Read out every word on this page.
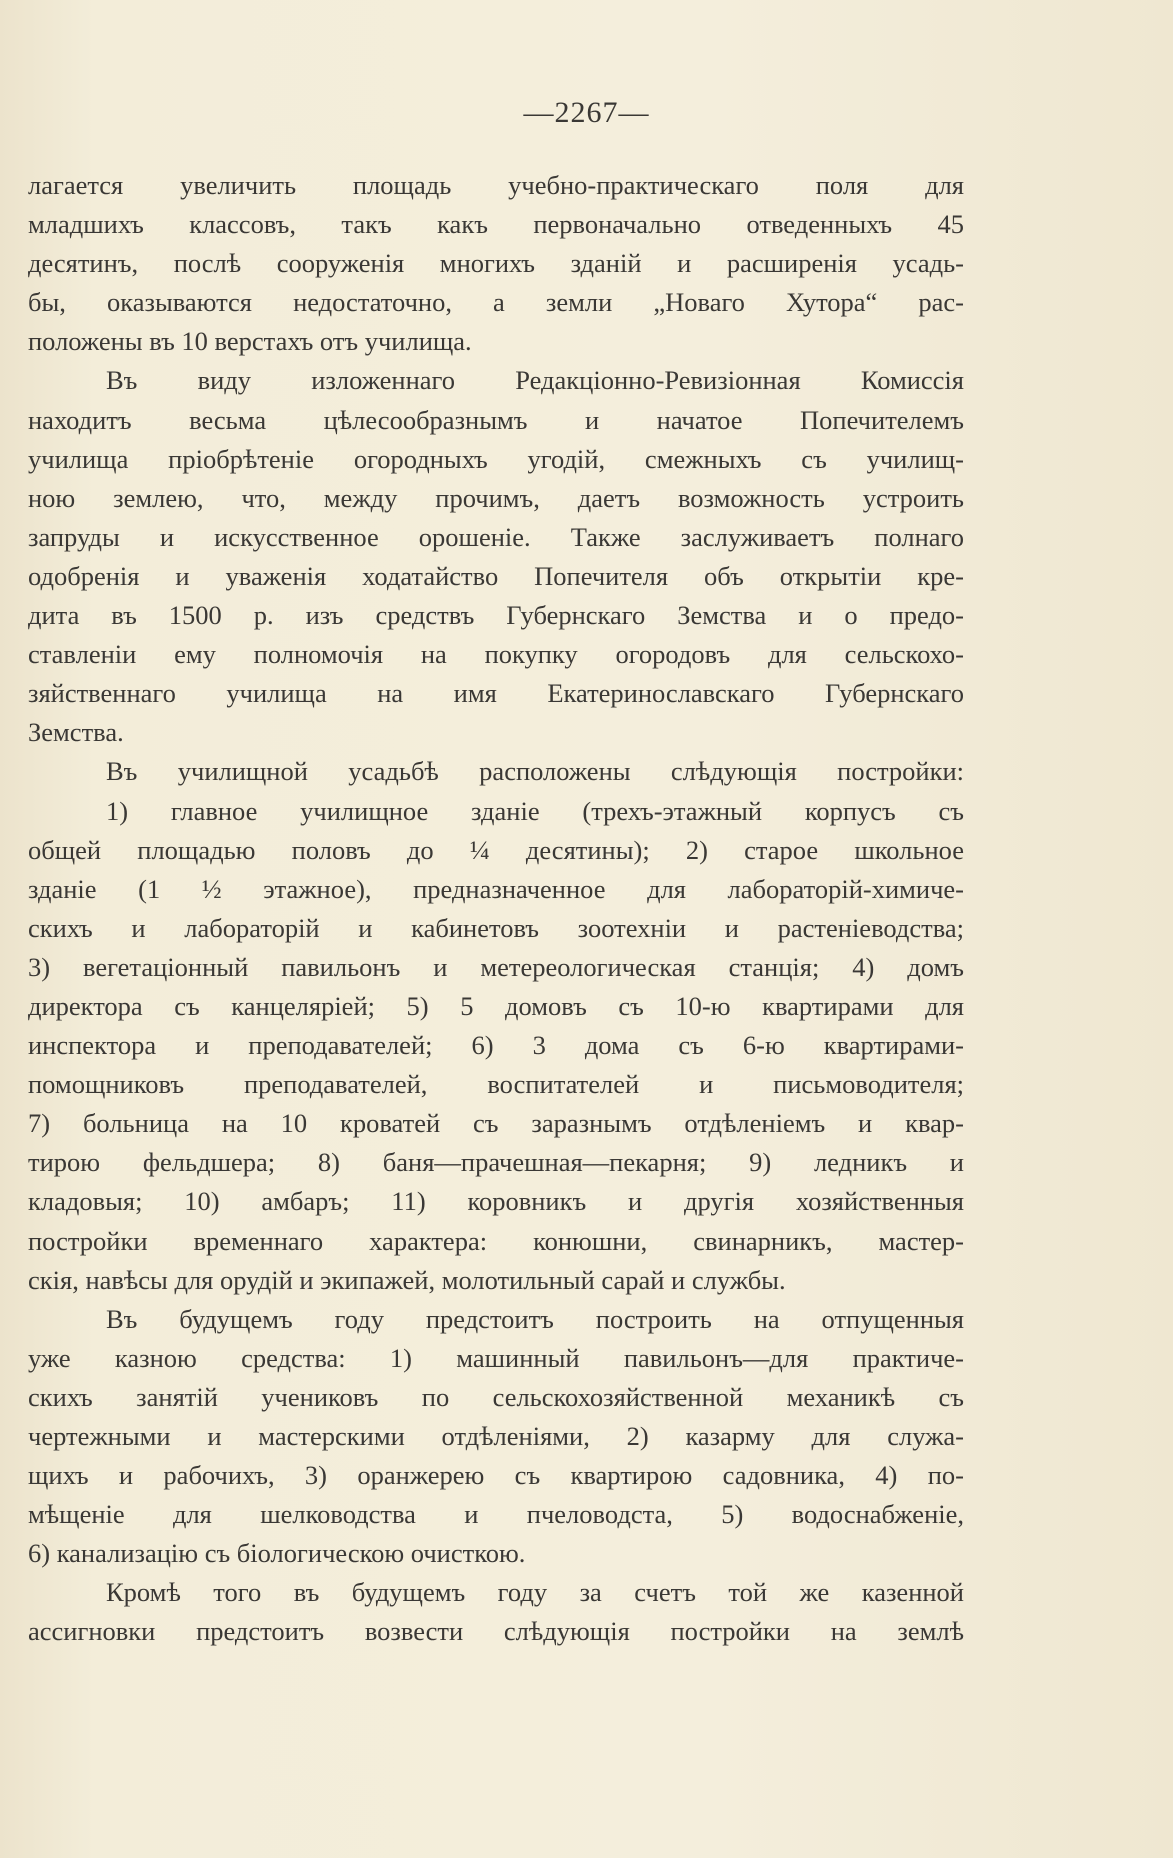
—2267—
лагается увеличить площадь учебно-практическаго поля для
младшихъ классовъ, такъ какъ первоначально отведенныхъ 45
десятинъ, послѣ сооруженія многихъ зданій и расширенія усадь-
бы, оказываются недостаточно, а земли „Новаго Хутора“ рас-
положены въ 10 верстахъ отъ училища.
Въ виду изложеннаго Редакціонно-Ревизіонная Комиссія
находитъ весьма цѣлесообразнымъ и начатое Попечителемъ
училища пріобрѣтеніе огородныхъ угодій, смежныхъ съ училищ-
ною землею, что, между прочимъ, даетъ возможность устроить
запруды и искусственное орошеніе. Также заслуживаетъ полнаго
одобренія и уваженія ходатайство Попечителя объ открытіи кре-
дита въ 1500 р. изъ средствъ Губернскаго Земства и о предо-
ставленіи ему полномочія на покупку огородовъ для сельскохо-
зяйственнаго училища на имя Екатеринославскаго Губернскаго
Земства.
Въ училищной усадьбѣ расположены слѣдующія постройки:
1) главное училищное зданіе (трехъ-этажный корпусъ съ
общей площадью половъ до ¼ десятины); 2) старое школьное
зданіе (1 ½ этажное), предназначенное для лабораторій-химиче-
скихъ и лабораторій и кабинетовъ зоотехніи и растеніеводства;
3) вегетаціонный павильонъ и метереологическая станція; 4) домъ
директора съ канцеляріей; 5) 5 домовъ съ 10-ю квартирами для
инспектора и преподавателей; 6) 3 дома съ 6-ю квартирами-
помощниковъ преподавателей, воспитателей и письмоводителя;
7) больница на 10 кроватей съ заразнымъ отдѣленіемъ и квар-
тирою фельдшера; 8) баня—прачешная—пекарня; 9) ледникъ и
кладовыя; 10) амбаръ; 11) коровникъ и другія хозяйственныя
постройки временнаго характера: конюшни, свинарникъ, мастер-
скія, навѣсы для орудій и экипажей, молотильный сарай и службы.
Въ будущемъ году предстоитъ построить на отпущенныя
уже казною средства: 1) машинный павильонъ—для практиче-
скихъ занятій учениковъ по сельскохозяйственной механикѣ съ
чертежными и мастерскими отдѣленіями, 2) казарму для служа-
щихъ и рабочихъ, 3) оранжерею съ квартирою садовника, 4) по-
мѣщеніе для шелководства и пчеловодста, 5) водоснабженіе,
6) канализацію съ біологическою очисткою.
Кромѣ того въ будущемъ году за счетъ той же казенной
ассигновки предстоитъ возвести слѣдующія постройки на землѣ
